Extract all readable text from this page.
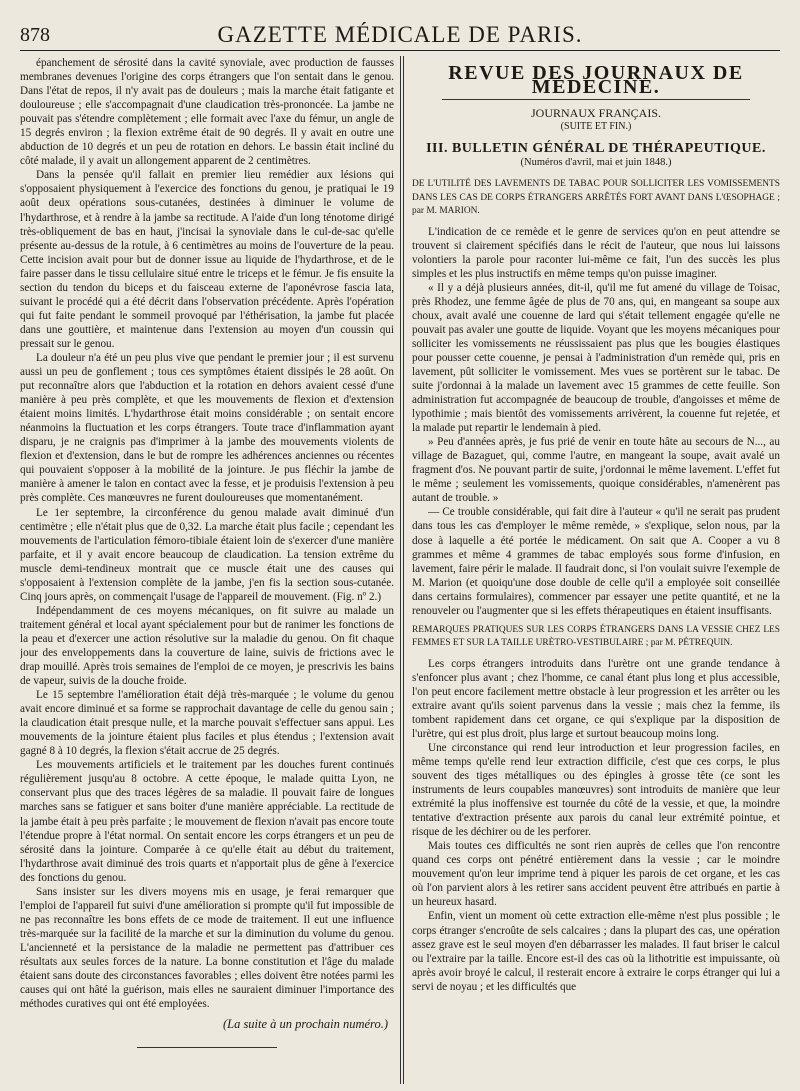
878	GAZETTE MÉDICALE DE PARIS.

épanchement de sérosité dans la cavité synoviale, avec production de fausses membranes devenues l'origine des corps étrangers que l'on sentait dans le genou. Dans l'état de repos, il n'y avait pas de douleurs ; mais la marche était fatigante et douloureuse ; elle s'accompagnait d'une claudication très-prononcée. La jambe ne pouvait pas s'étendre complètement ; elle formait avec l'axe du fémur, un angle de 15 degrés environ ; la flexion extrême était de 90 degrés. Il y avait en outre une abduction de 10 degrés et un peu de rotation en dehors. Le bassin était incliné du côté malade, il y avait un allongement apparent de 2 centimètres.

Dans la pensée qu'il fallait en premier lieu remédier aux lésions qui s'opposaient physiquement à l'exercice des fonctions du genou, je pratiquai le 19 août deux opérations sous-cutanées, destinées à diminuer le volume de l'hydarthrose, et à rendre à la jambe sa rectitude. A l'aide d'un long ténotome dirigé très-obliquement de bas en haut, j'incisai la synoviale dans le cul-de-sac qu'elle présente au-dessus de la rotule, à 6 centimètres au moins de l'ouverture de la peau. Cette incision avait pour but de donner issue au liquide de l'hydarthrose, et de le faire passer dans le tissu cellulaire situé entre le triceps et le fémur. Je fis ensuite la section du tendon du biceps et du faisceau externe de l'aponévrose fascia lata, suivant le procédé qui a été décrit dans l'observation précédente. Après l'opération qui fut faite pendant le sommeil provoqué par l'éthérisation, la jambe fut placée dans une gouttière, et maintenue dans l'extension au moyen d'un coussin qui pressait sur le genou.

La douleur n'a été un peu plus vive que pendant le premier jour ; il est survenu aussi un peu de gonflement ; tous ces symptômes étaient dissipés le 28 août. On put reconnaître alors que l'abduction et la rotation en dehors avaient cessé d'une manière à peu près complète, et que les mouvements de flexion et d'extension étaient moins limités. L'hydarthrose était moins considérable ; on sentait encore néanmoins la fluctuation et les corps étrangers. Toute trace d'inflammation ayant disparu, je ne craignis pas d'imprimer à la jambe des mouvements violents de flexion et d'extension, dans le but de rompre les adhérences anciennes ou récentes qui pouvaient s'opposer à la mobilité de la jointure. Je pus fléchir la jambe de manière à amener le talon en contact avec la fesse, et je produisis l'extension à peu près complète. Ces manœuvres ne furent douloureuses que momentanément.

Le 1er septembre, la circonférence du genou malade avait diminué d'un centimètre ; elle n'était plus que de 0,32. La marche était plus facile ; cependant les mouvements de l'articulation fémoro-tibiale étaient loin de s'exercer d'une manière parfaite, et il y avait encore beaucoup de claudication. La tension extrême du muscle demi-tendineux montrait que ce muscle était une des causes qui s'opposaient à l'extension complète de la jambe, j'en fis la section sous-cutanée. Cinq jours après, on commençait l'usage de l'appareil de mouvement. (Fig. nº 2.)

Indépendamment de ces moyens mécaniques, on fit suivre au malade un traitement général et local ayant spécialement pour but de ranimer les fonctions de la peau et d'exercer une action résolutive sur la maladie du genou. On fit chaque jour des enveloppements dans la couverture de laine, suivis de frictions avec le drap mouillé. Après trois semaines de l'emploi de ce moyen, je prescrivis les bains de vapeur, suivis de la douche froide.

Le 15 septembre l'amélioration était déjà très-marquée ; le volume du genou avait encore diminué et sa forme se rapprochait davantage de celle du genou sain ; la claudication était presque nulle, et la marche pouvait s'effectuer sans appui. Les mouvements de la jointure étaient plus faciles et plus étendus ; l'extension avait gagné 8 à 10 degrés, la flexion s'était accrue de 25 degrés.

Les mouvements artificiels et le traitement par les douches furent continués régulièrement jusqu'au 8 octobre. A cette époque, le malade quitta Lyon, ne conservant plus que des traces légères de sa maladie. Il pouvait faire de longues marches sans se fatiguer et sans boiter d'une manière appréciable. La rectitude de la jambe était à peu près parfaite ; le mouvement de flexion n'avait pas encore toute l'étendue propre à l'état normal. On sentait encore les corps étrangers et un peu de sérosité dans la jointure. Comparée à ce qu'elle était au début du traitement, l'hydarthrose avait diminué des trois quarts et n'apportait plus de gêne à l'exercice des fonctions du genou.

Sans insister sur les divers moyens mis en usage, je ferai remarquer que l'emploi de l'appareil fut suivi d'une amélioration si prompte qu'il fut impossible de ne pas reconnaître les bons effets de ce mode de traitement. Il eut une influence très-marquée sur la facilité de la marche et sur la diminution du volume du genou. L'ancienneté et la persistance de la maladie ne permettent pas d'attribuer ces résultats aux seules forces de la nature. La bonne constitution et l'âge du malade étaient sans doute des circonstances favorables ; elles doivent être notées parmi les causes qui ont hâté la guérison, mais elles ne sauraient diminuer l'importance des méthodes curatives qui ont été employées.

(La suite à un prochain numéro.)

REVUE DES JOURNAUX DE MÉDECINE.

JOURNAUX FRANÇAIS.

(SUITE ET FIN.)

III. BULLETIN GÉNÉRAL DE THÉRAPEUTIQUE.

(Numéros d'avril, mai et juin 1848.)

DE L'UTILITÉ DES LAVEMENTS DE TABAC POUR SOLLICITER LES VOMISSEMENTS DANS LES CAS DE CORPS ÉTRANGERS ARRÊTÉS FORT AVANT DANS L'ŒSOPHAGE ; par M. MARION.

L'indication de ce remède et le genre de services qu'on en peut attendre se trouvent si clairement spécifiés dans le récit de l'auteur, que nous lui laissons volontiers la parole pour raconter lui-même ce fait, l'un des succès les plus simples et les plus instructifs en même temps qu'on puisse imaginer.

« Il y a déjà plusieurs années, dit-il, qu'il me fut amené du village de Toisac, près Rhodez, une femme âgée de plus de 70 ans, qui, en mangeant sa soupe aux choux, avait avalé une couenne de lard qui s'était tellement engagée qu'elle ne pouvait pas avaler une goutte de liquide. Voyant que les moyens mécaniques pour solliciter les vomissements ne réussissaient pas plus que les bougies élastiques pour pousser cette couenne, je pensai à l'administration d'un remède qui, pris en lavement, pût solliciter le vomissement. Mes vues se portèrent sur le tabac. De suite j'ordonnai à la malade un lavement avec 15 grammes de cette feuille. Son administration fut accompagnée de beaucoup de trouble, d'angoisses et même de lypothimie ; mais bientôt des vomissements arrivèrent, la couenne fut rejetée, et la malade put repartir le lendemain à pied.

» Peu d'années après, je fus prié de venir en toute hâte au secours de N..., au village de Bazaguet, qui, comme l'autre, en mangeant la soupe, avait avalé un fragment d'os. Ne pouvant partir de suite, j'ordonnai le même lavement. L'effet fut le même ; seulement les vomissements, quoique considérables, n'amenèrent pas autant de trouble. »

— Ce trouble considérable, qui fait dire à l'auteur « qu'il ne serait pas prudent dans tous les cas d'employer le même remède, » s'explique, selon nous, par la dose à laquelle a été portée le médicament. On sait que A. Cooper a vu 8 grammes et même 4 grammes de tabac employés sous forme d'infusion, en lavement, faire périr le malade. Il faudrait donc, si l'on voulait suivre l'exemple de M. Marion (et quoiqu'une dose double de celle qu'il a employée soit conseillée dans certains formulaires), commencer par essayer une petite quantité, et ne la renouveler ou l'augmenter que si les effets thérapeutiques en étaient insuffisants.

REMARQUES PRATIQUES SUR LES CORPS ÉTRANGERS DANS LA VESSIE CHEZ LES FEMMES ET SUR LA TAILLE URÈTRO-VESTIBULAIRE ; par M. PÉTREQUIN.

Les corps étrangers introduits dans l'urètre ont une grande tendance à s'enfoncer plus avant ; chez l'homme, ce canal étant plus long et plus accessible, l'on peut encore facilement mettre obstacle à leur progression et les arrêter ou les extraire avant qu'ils soient parvenus dans la vessie ; mais chez la femme, ils tombent rapidement dans cet organe, ce qui s'explique par la disposition de l'urètre, qui est plus droit, plus large et surtout beaucoup moins long.

Une circonstance qui rend leur introduction et leur progression faciles, en même temps qu'elle rend leur extraction difficile, c'est que ces corps, le plus souvent des tiges métalliques ou des épingles à grosse tête (ce sont les instruments de leurs coupables manœuvres) sont introduits de manière que leur extrémité la plus inoffensive est tournée du côté de la vessie, et que, la moindre tentative d'extraction présente aux parois du canal leur extrémité pointue, et risque de les déchirer ou de les perforer.

Mais toutes ces difficultés ne sont rien auprès de celles que l'on rencontre quand ces corps ont pénétré entièrement dans la vessie ; car le moindre mouvement qu'on leur imprime tend à piquer les parois de cet organe, et les cas où l'on parvient alors à les retirer sans accident peuvent être attribués en partie à un heureux hasard.

Enfin, vient un moment où cette extraction elle-même n'est plus possible ; le corps étranger s'encroûte de sels calcaires ; dans la plupart des cas, une opération assez grave est le seul moyen d'en débarrasser les malades. Il faut briser le calcul ou l'extraire par la taille. Encore est-il des cas où la lithotritie est impuissante, où après avoir broyé le calcul, il resterait encore à extraire le corps étranger qui lui a servi de noyau ; et les difficultés que
